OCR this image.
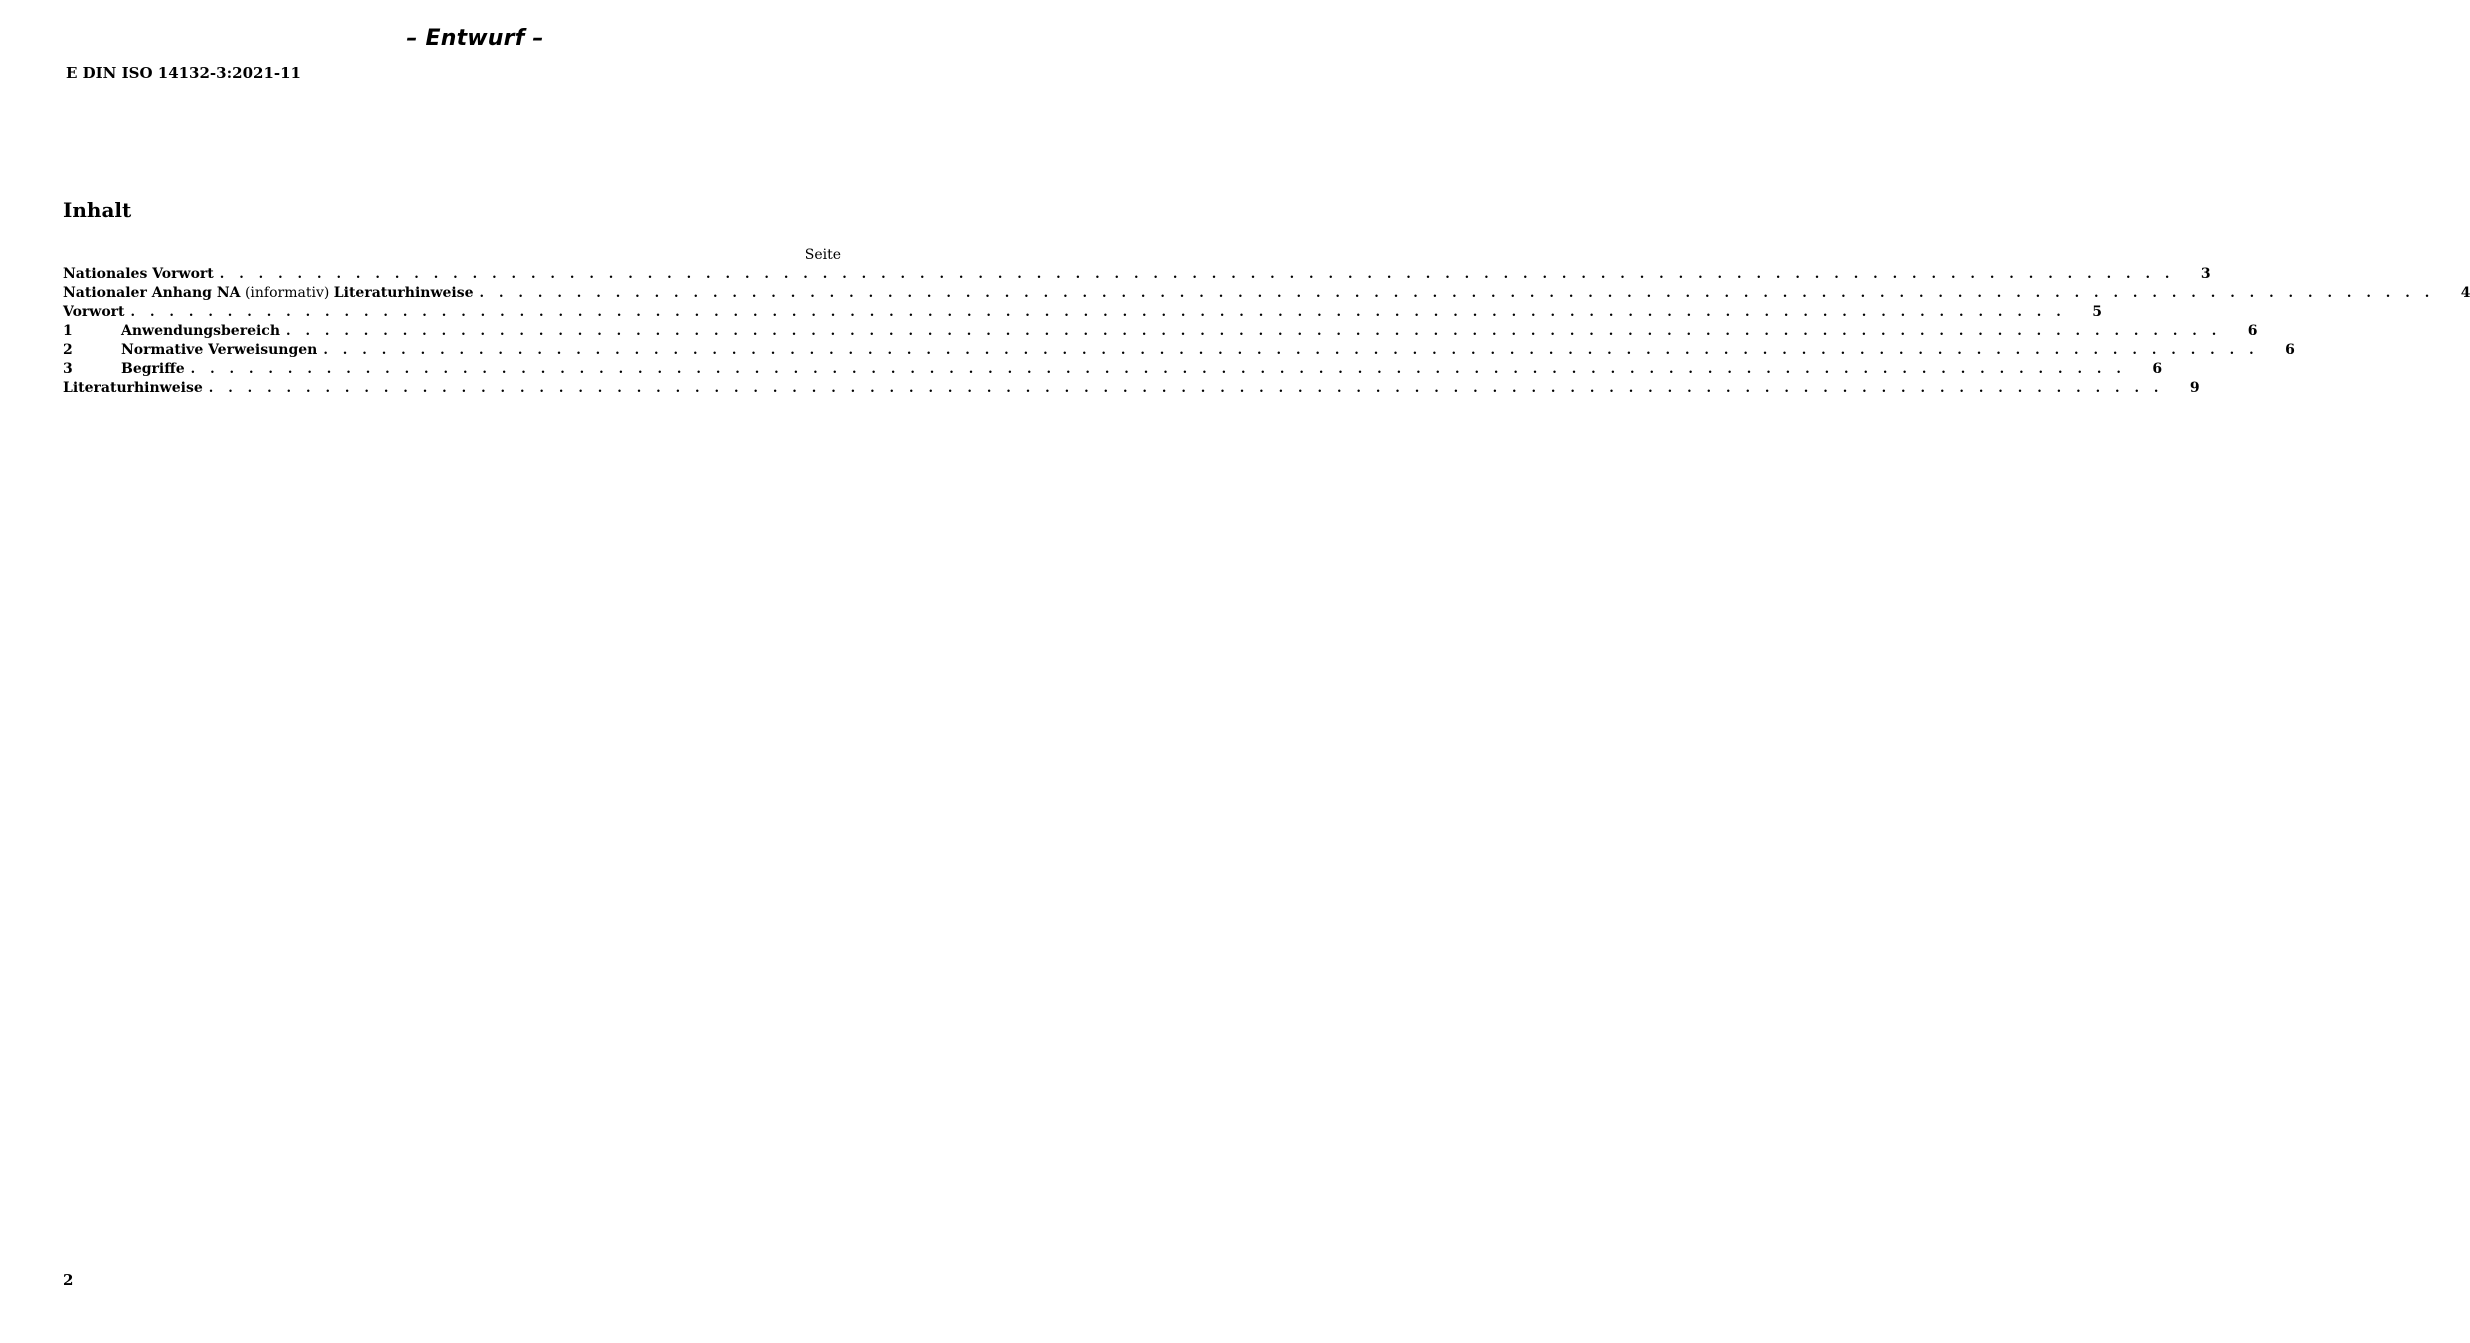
– Entwurf –
E DIN ISO 14132-3:2021-11
Inhalt
Seite
Nationales Vorwort . . . . . . . . . . . . . . . . . . . . . . . . . . . . . . . . . . . . . . . . . . . . . . . . . . . . . . . . . . . . . . . . . . . . . . . . . . . . . . . . . . . . . . . . . . . . . . . . . . . . .	3
Nationaler Anhang NA (informativ) Literaturhinweise . . . . . . . . . . . . . . . . . . . . . . . . . . . . . . . . . . . . . . . . . . . . . . . . . . . . . . . . . . . . . . . . . . . . . . . . . . . . . . . . . . . . . . . . . . . . . . . . . . . . .	4
Vorwort . . . . . . . . . . . . . . . . . . . . . . . . . . . . . . . . . . . . . . . . . . . . . . . . . . . . . . . . . . . . . . . . . . . . . . . . . . . . . . . . . . . . . . . . . . . . . . . . . . . .	5
1	Anwendungsbereich . . . . . . . . . . . . . . . . . . . . . . . . . . . . . . . . . . . . . . . . . . . . . . . . . . . . . . . . . . . . . . . . . . . . . . . . . . . . . . . . . . . . . . . . . . . . . . . . . . . .	6
2	Normative Verweisungen . . . . . . . . . . . . . . . . . . . . . . . . . . . . . . . . . . . . . . . . . . . . . . . . . . . . . . . . . . . . . . . . . . . . . . . . . . . . . . . . . . . . . . . . . . . . . . . . . . . .	6
3	Begriffe . . . . . . . . . . . . . . . . . . . . . . . . . . . . . . . . . . . . . . . . . . . . . . . . . . . . . . . . . . . . . . . . . . . . . . . . . . . . . . . . . . . . . . . . . . . . . . . . . . . .	6
Literaturhinweise . . . . . . . . . . . . . . . . . . . . . . . . . . . . . . . . . . . . . . . . . . . . . . . . . . . . . . . . . . . . . . . . . . . . . . . . . . . . . . . . . . . . . . . . . . . . . . . . . . . . .	9
2
